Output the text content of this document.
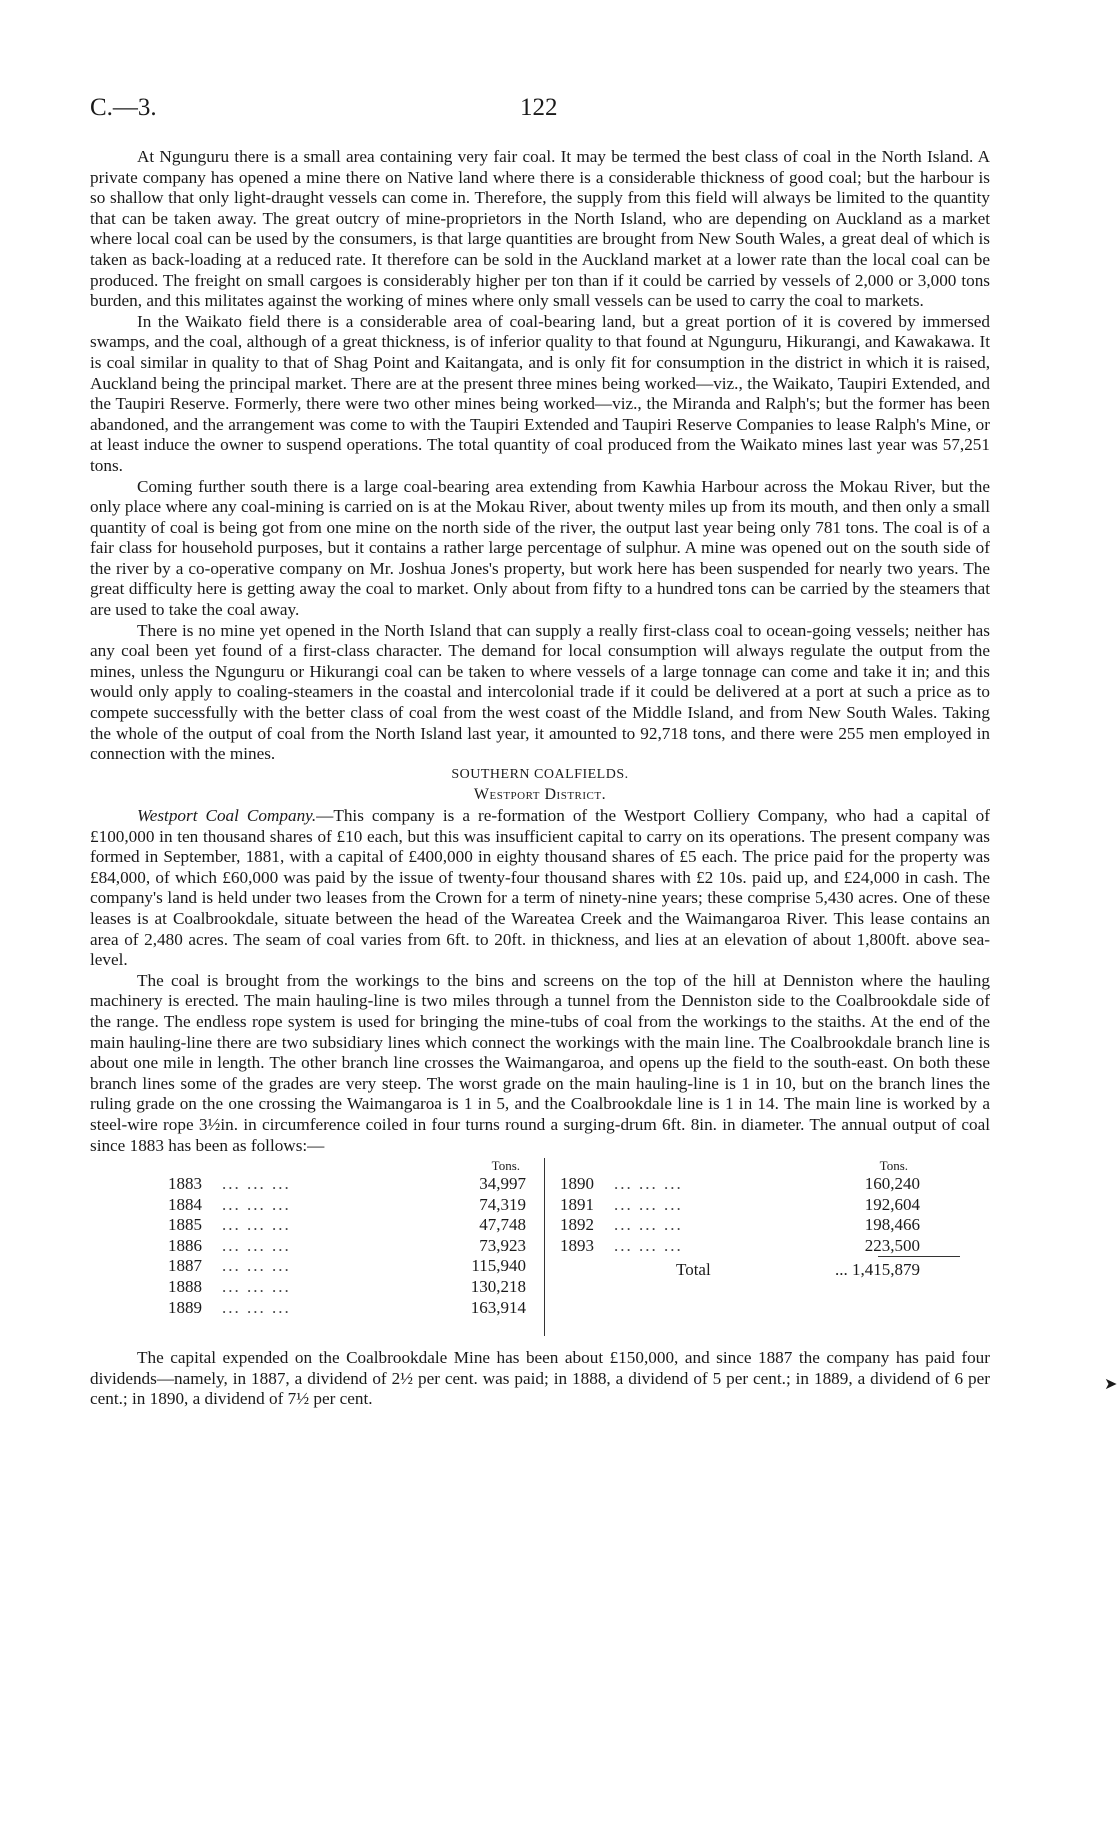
C.—3.	122

At Ngunguru there is a small area containing very fair coal. It may be termed the best class of coal in the North Island. A private company has opened a mine there on Native land where there is a considerable thickness of good coal; but the harbour is so shallow that only light-draught vessels can come in. Therefore, the supply from this field will always be limited to the quantity that can be taken away. The great outcry of mine-proprietors in the North Island, who are depending on Auckland as a market where local coal can be used by the consumers, is that large quantities are brought from New South Wales, a great deal of which is taken as back-loading at a reduced rate. It therefore can be sold in the Auckland market at a lower rate than the local coal can be produced. The freight on small cargoes is considerably higher per ton than if it could be carried by vessels of 2,000 or 3,000 tons burden, and this militates against the working of mines where only small vessels can be used to carry the coal to markets.

In the Waikato field there is a considerable area of coal-bearing land, but a great portion of it is covered by immersed swamps, and the coal, although of a great thickness, is of inferior quality to that found at Ngunguru, Hikurangi, and Kawakawa. It is coal similar in quality to that of Shag Point and Kaitangata, and is only fit for consumption in the district in which it is raised, Auckland being the principal market. There are at the present three mines being worked—viz., the Waikato, Taupiri Extended, and the Taupiri Reserve. Formerly, there were two other mines being worked—viz., the Miranda and Ralph's; but the former has been abandoned, and the arrangement was come to with the Taupiri Extended and Taupiri Reserve Companies to lease Ralph's Mine, or at least induce the owner to suspend operations. The total quantity of coal produced from the Waikato mines last year was 57,251 tons.

Coming further south there is a large coal-bearing area extending from Kawhia Harbour across the Mokau River, but the only place where any coal-mining is carried on is at the Mokau River, about twenty miles up from its mouth, and then only a small quantity of coal is being got from one mine on the north side of the river, the output last year being only 781 tons. The coal is of a fair class for household purposes, but it contains a rather large percentage of sulphur. A mine was opened out on the south side of the river by a co-operative company on Mr. Joshua Jones's property, but work here has been suspended for nearly two years. The great difficulty here is getting away the coal to market. Only about from fifty to a hundred tons can be carried by the steamers that are used to take the coal away.

There is no mine yet opened in the North Island that can supply a really first-class coal to ocean-going vessels; neither has any coal been yet found of a first-class character. The demand for local consumption will always regulate the output from the mines, unless the Ngunguru or Hikurangi coal can be taken to where vessels of a large tonnage can come and take it in; and this would only apply to coaling-steamers in the coastal and intercolonial trade if it could be delivered at a port at such a price as to compete successfully with the better class of coal from the west coast of the Middle Island, and from New South Wales. Taking the whole of the output of coal from the North Island last year, it amounted to 92,718 tons, and there were 255 men employed in connection with the mines.

SOUTHERN COALFIELDS.

Westport District.

Westport Coal Company.—This company is a re-formation of the Westport Colliery Company, who had a capital of £100,000 in ten thousand shares of £10 each, but this was insufficient capital to carry on its operations. The present company was formed in September, 1881, with a capital of £400,000 in eighty thousand shares of £5 each. The price paid for the property was £84,000, of which £60,000 was paid by the issue of twenty-four thousand shares with £2 10s. paid up, and £24,000 in cash. The company's land is held under two leases from the Crown for a term of ninety-nine years; these comprise 5,430 acres. One of these leases is at Coalbrookdale, situate between the head of the Wareatea Creek and the Waimangaroa River. This lease contains an area of 2,480 acres. The seam of coal varies from 6ft. to 20ft. in thickness, and lies at an elevation of about 1,800ft. above sea-level.

The coal is brought from the workings to the bins and screens on the top of the hill at Denniston where the hauling machinery is erected. The main hauling-line is two miles through a tunnel from the Denniston side to the Coalbrookdale side of the range. The endless rope system is used for bringing the mine-tubs of coal from the workings to the staiths. At the end of the main hauling-line there are two subsidiary lines which connect the workings with the main line. The Coalbrookdale branch line is about one mile in length. The other branch line crosses the Waimangaroa, and opens up the field to the south-east. On both these branch lines some of the grades are very steep. The worst grade on the main hauling-line is 1 in 10, but on the branch lines the ruling grade on the one crossing the Waimangaroa is 1 in 5, and the Coalbrookdale line is 1 in 14. The main line is worked by a steel-wire rope 3½in. in circumference coiled in four turns round a surging-drum 6ft. 8in. in diameter. The annual output of coal since 1883 has been as follows:—

Tons.
1883 ... ... ...	34,997
1884 ... ... ...	74,319
1885 ... ... ...	47,748
1886 ... ... ...	73,923
1887 ... ... ...	115,940
1888 ... ... ...	130,218
1889 ... ... ...	163,914
Tons.
1890 ... ... ...	160,240
1891 ... ... ...	192,604
1892 ... ... ...	198,466
1893 ... ... ...	223,500
Total	... 1,415,879

The capital expended on the Coalbrookdale Mine has been about £150,000, and since 1887 the company has paid four dividends—namely, in 1887, a dividend of 2½ per cent. was paid; in 1888, a dividend of 5 per cent.; in 1889, a dividend of 6 per cent.; in 1890, a dividend of 7½ per cent.

➤
